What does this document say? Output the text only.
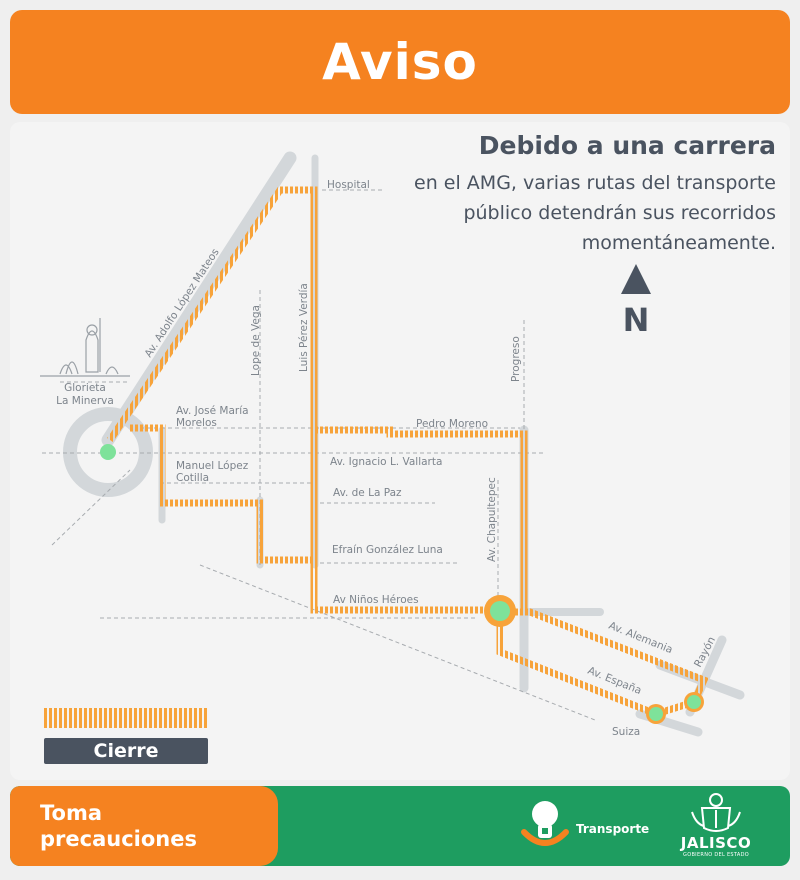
Aviso
N
Glorieta
La Minerva
Hospital
Av. Adolfo López Mateos	Lope de Vega	Luis Pérez Verdía	Progreso
Av. José María
Morelos	Pedro Moreno
Av. Ignacio L. Vallarta
Manuel López
Cotilla
Av. de La Paz	Av. Chapultepec
Efraín González Luna
Av Niños Héroes
Av. Alemania Rayón
Av. España
Suiza
Debido a una carrera
en el AMG, varias rutas del transporte público detendrán sus recorridos momentáneamente.
Cierre
Toma
precauciones	Transporte
JALISCO
GOBIERNO DEL ESTADO
